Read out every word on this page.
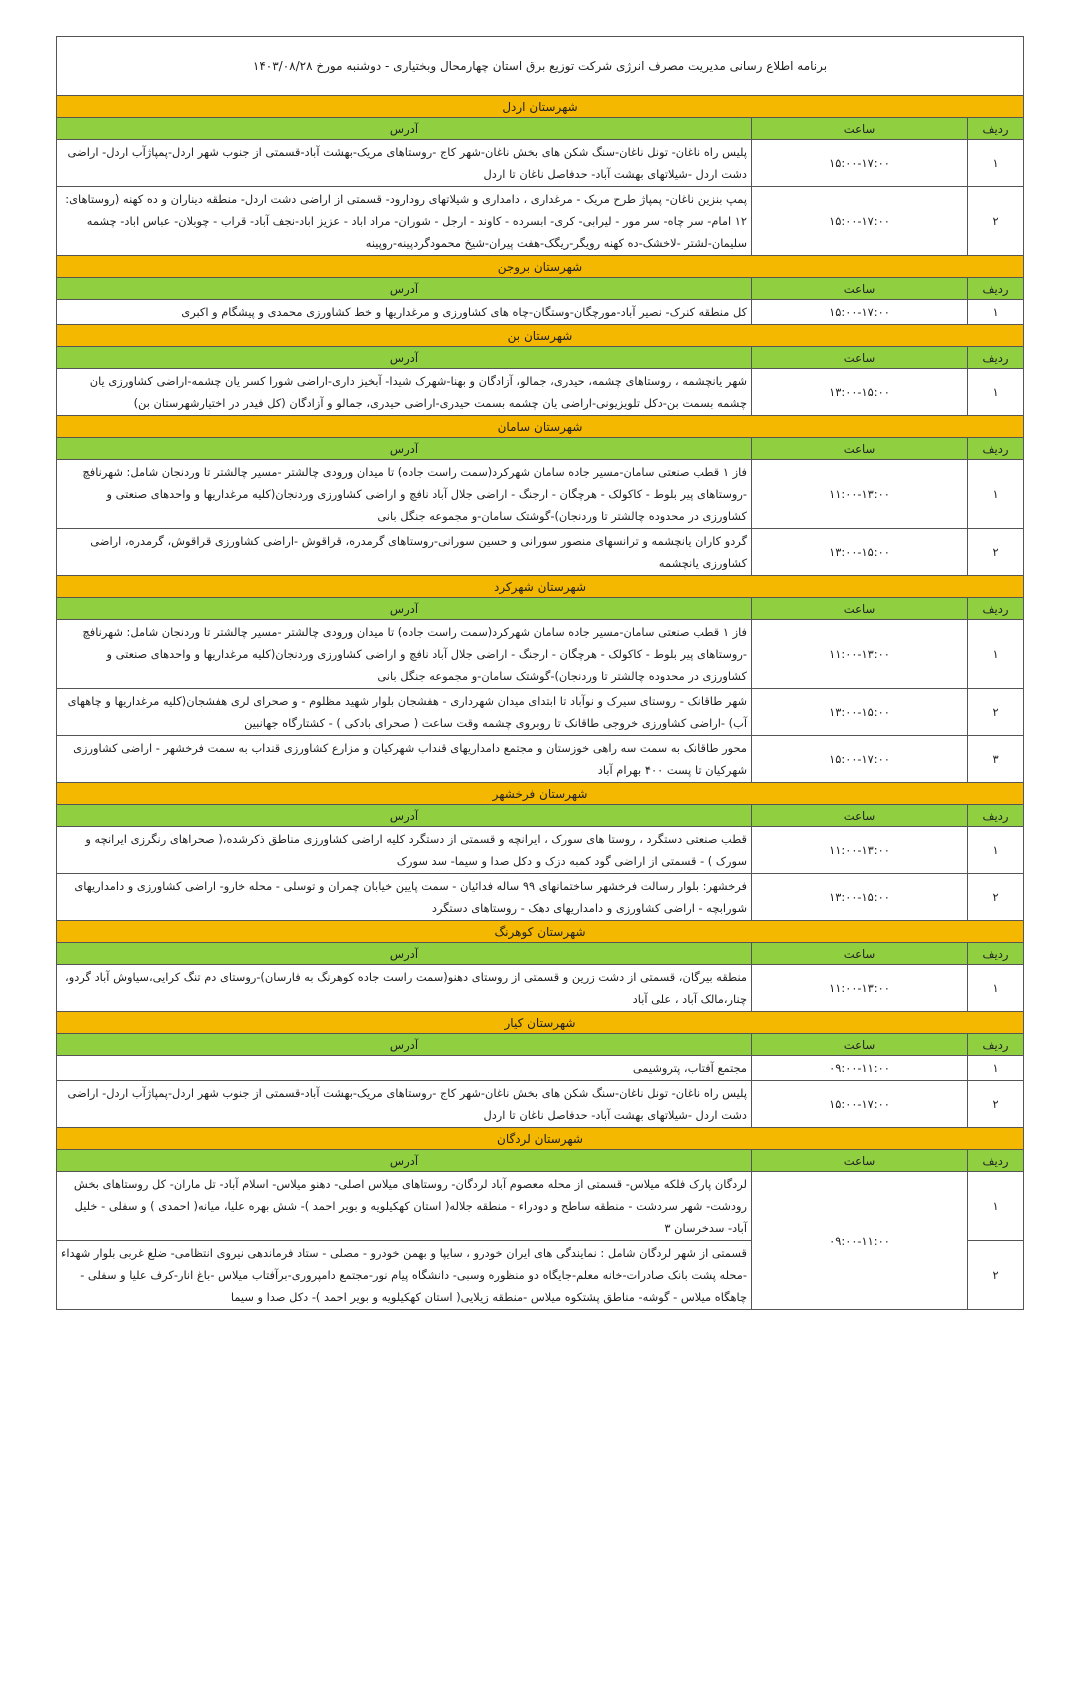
برنامه اطلاع رسانی مدیریت مصرف انرژی شرکت توزیع برق استان چهارمحال وبختیاری - دوشنبه مورخ ۱۴۰۳/۰۸/۲۸		
شهرستان اردل		
ردیف	ساعت	آدرس
۱	۱۵:۰۰-۱۷:۰۰	پلیس راه ناغان- تونل ناغان-سنگ شکن های بخش ناغان-شهر کاج -روستاهای مریک-بهشت آباد-قسمتی از جنوب شهر اردل-پمپاژآب اردل- اراضی دشت اردل -شیلاتهای بهشت آباد- حدفاصل ناغان تا اردل
۲	۱۵:۰۰-۱۷:۰۰	پمپ بنزین ناغان- پمپاژ طرح مریک - مرغداری ، دامداری و شیلاتهای رودارود- قسمتی از اراضی دشت اردل- منطقه دیناران و ده کهنه (روستاهای: ۱۲ امام- سر چاه- سر مور - لیرابی- کری- ابسرده - کاوند - ارجل - شوران- مراد اباد - عزیز اباد-نجف آباد- قراب - چوبلان- عباس اباد- چشمه سلیمان-لشتر -لاخشک-ده کهنه رویگر-ریگک-هفت پیران-شیخ محمودگردپینه-روپینه
شهرستان بروجن		
ردیف	ساعت	آدرس
۱	۱۵:۰۰-۱۷:۰۰	کل منطقه کنرک- نصیر آباد-مورچگان-وستگان-چاه های کشاورزی و مرغداریها و خط کشاورزی محمدی و پیشگام و اکبری
شهرستان بن		
ردیف	ساعت	آدرس
۱	۱۳:۰۰-۱۵:۰۰	شهر یانچشمه ، روستاهای چشمه، حیدری، جمالو، آزادگان و بهنا-شهرک شیدا- آبخیز داری-اراضی شورا کسر یان چشمه-اراضی کشاورزی یان چشمه بسمت بن-دکل تلویزیونی-اراضی یان چشمه بسمت حیدری-اراضی حیدری، جمالو و آزادگان (کل فیدر در اختیارشهرستان بن)
شهرستان سامان		
ردیف	ساعت	آدرس
۱	۱۱:۰۰-۱۳:۰۰	فاز ۱ قطب صنعتی سامان-مسیر جاده سامان شهرکرد(سمت راست جاده) تا میدان ورودی چالشتر -مسیر چالشتر تا وردنجان شامل: شهرنافچ -روستاهای پیر بلوط - کاکولک - هرچگان - ارجنگ - اراضی جلال آباد نافچ و اراضی کشاورزی وردنجان(کلیه مرغداریها و واحدهای صنعتی و کشاورزی در محدوده چالشتر تا وردنجان)-گوشتک سامان-و مجموعه جنگل بانی
۲	۱۳:۰۰-۱۵:۰۰	گردو کاران یانچشمه و ترانسهای منصور سورانی و حسین سورانی-روستاهای گرمدره، قراقوش -اراضی کشاورزی قراقوش، گرمدره، اراضی کشاورزی یانچشمه
شهرستان شهرکرد		
ردیف	ساعت	آدرس
۱	۱۱:۰۰-۱۳:۰۰	فاز ۱ قطب صنعتی سامان-مسیر جاده سامان شهرکرد(سمت راست جاده) تا میدان ورودی چالشتر -مسیر چالشتر تا وردنجان شامل: شهرنافچ -روستاهای پیر بلوط - کاکولک - هرچگان - ارجنگ - اراضی جلال آباد نافچ و اراضی کشاورزی وردنجان(کلیه مرغداریها و واحدهای صنعتی و کشاورزی در محدوده چالشتر تا وردنجان)-گوشتک سامان-و مجموعه جنگل بانی
۲	۱۳:۰۰-۱۵:۰۰	شهر طاقانک - روستای سیرک و نوآباد تا ابتدای میدان شهرداری - هفشجان بلوار شهید مظلوم - و صحرای لری هفشجان(کلیه مرغداریها و چاههای آب) -اراضی کشاورزی خروجی طاقانک تا روبروی چشمه وقت ساعت ( صحرای بادکی ) - کشتارگاه جهانبین
۳	۱۵:۰۰-۱۷:۰۰	محور طاقانک به سمت سه راهی خوزستان و مجتمع دامداریهای قنداب شهرکیان و مزارع کشاورزی قنداب به سمت فرخشهر - اراضی کشاورزی شهرکیان تا پست ۴۰۰ بهرام آباد
شهرستان فرخشهر		
ردیف	ساعت	آدرس
۱	۱۱:۰۰-۱۳:۰۰	قطب صنعتی دستگرد ، روستا های سورک ، ایرانچه و قسمتی از دستگرد کلیه اراضی کشاورزی مناطق ذکرشده،( صحراهای رنگرزی ایرانچه و سورک ) - قسمتی از اراضی گود کمبه دزک و دکل صدا و سیما- سد سورک
۲	۱۳:۰۰-۱۵:۰۰	فرخشهر: بلوار رسالت فرخشهر ساختمانهای ۹۹ ساله فدائیان - سمت پایین خیابان چمران و توسلی - محله خارو- اراضی کشاورزی و دامداریهای شورابچه - اراضی کشاورزی و دامداریهای دهک - روستاهای دستگرد
شهرستان کوهرنگ		
ردیف	ساعت	آدرس
۱	۱۱:۰۰-۱۳:۰۰	منطقه بیرگان، قسمتی از دشت زرین و قسمتی از روستای دهنو(سمت راست جاده کوهرنگ به فارسان)-روستای دم تنگ کرایی،سیاوش آباد گردو، چنار،مالک آباد ، علی آباد
شهرستان کیار		
ردیف	ساعت	آدرس
۱	۰۹:۰۰-۱۱:۰۰	مجتمع آفتاب، پتروشیمی
۲	۱۵:۰۰-۱۷:۰۰	پلیس راه ناغان- تونل ناغان-سنگ شکن های بخش ناغان-شهر کاج -روستاهای مریک-بهشت آباد-قسمتی از جنوب شهر اردل-پمپاژآب اردل- اراضی دشت اردل -شیلاتهای بهشت آباد- حدفاصل ناغان تا اردل
شهرستان لردگان		
ردیف	ساعت	آدرس
۱	۰۹:۰۰-۱۱:۰۰	لردگان پارک فلکه میلاس- قسمتی از محله معصوم آباد لردگان- روستاهای میلاس اصلی- دهنو میلاس- اسلام آباد- تل ماران- کل روستاهای بخش رودشت- شهر سردشت - منطقه ساطح و دودراء - منطقه جلاله( استان کهکیلویه و بویر احمد )- شش بهره علیا، میانه( احمدی ) و سفلی - خلیل آباد- سدخرسان ۳
۲		قسمتی از شهر لردگان شامل : نمایندگی های ایران خودرو ، سایپا و بهمن خودرو - مصلی - ستاد فرماندهی نیروی انتظامی- ضلع غربی بلوار شهداء -محله پشت بانک صادرات-خانه معلم-جایگاه دو منظوره وسبی- دانشگاه پیام نور-مجتمع دامپروری-برآفتاب میلاس -باغ انار-کرف علیا و سفلی - چاهگاه میلاس - گوشه- مناطق پشتکوه میلاس -منطقه زیلایی( استان کهکیلویه و بویر احمد )- دکل صدا و سیما
